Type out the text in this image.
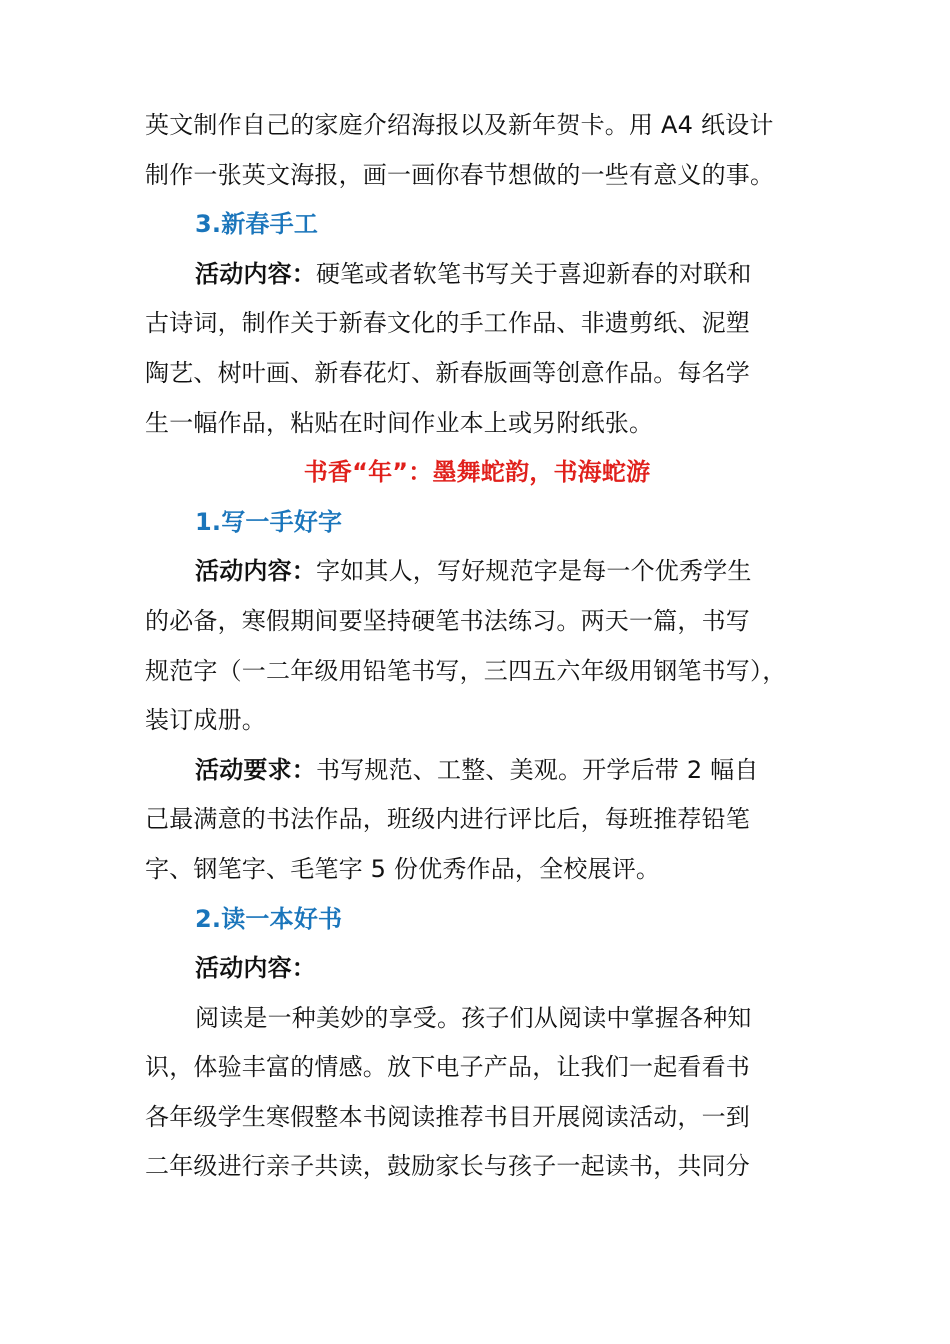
英文制作自己的家庭介绍海报以及新年贺卡。用 A4 纸设计
制作一张英文海报，画一画你春节想做的一些有意义的事。
3.新春手工
活动内容：硬笔或者软笔书写关于喜迎新春的对联和
古诗词，制作关于新春文化的手工作品、非遗剪纸、泥塑
陶艺、树叶画、新春花灯、新春版画等创意作品。每名学
生一幅作品，粘贴在时间作业本上或另附纸张。
书香“年”：墨舞蛇韵，书海蛇游
1.写一手好字
活动内容：字如其人，写好规范字是每一个优秀学生
的必备，寒假期间要坚持硬笔书法练习。两天一篇，书写
规范字（一二年级用铅笔书写，三四五六年级用钢笔书写），
装订成册。
活动要求：书写规范、工整、美观。开学后带 2 幅自
己最满意的书法作品，班级内进行评比后，每班推荐铅笔
字、钢笔字、毛笔字 5 份优秀作品，全校展评。
2.读一本好书
活动内容：
阅读是一种美妙的享受。孩子们从阅读中掌握各种知
识，体验丰富的情感。放下电子产品，让我们一起看看书
各年级学生寒假整本书阅读推荐书目开展阅读活动，一到
二年级进行亲子共读，鼓励家长与孩子一起读书，共同分
